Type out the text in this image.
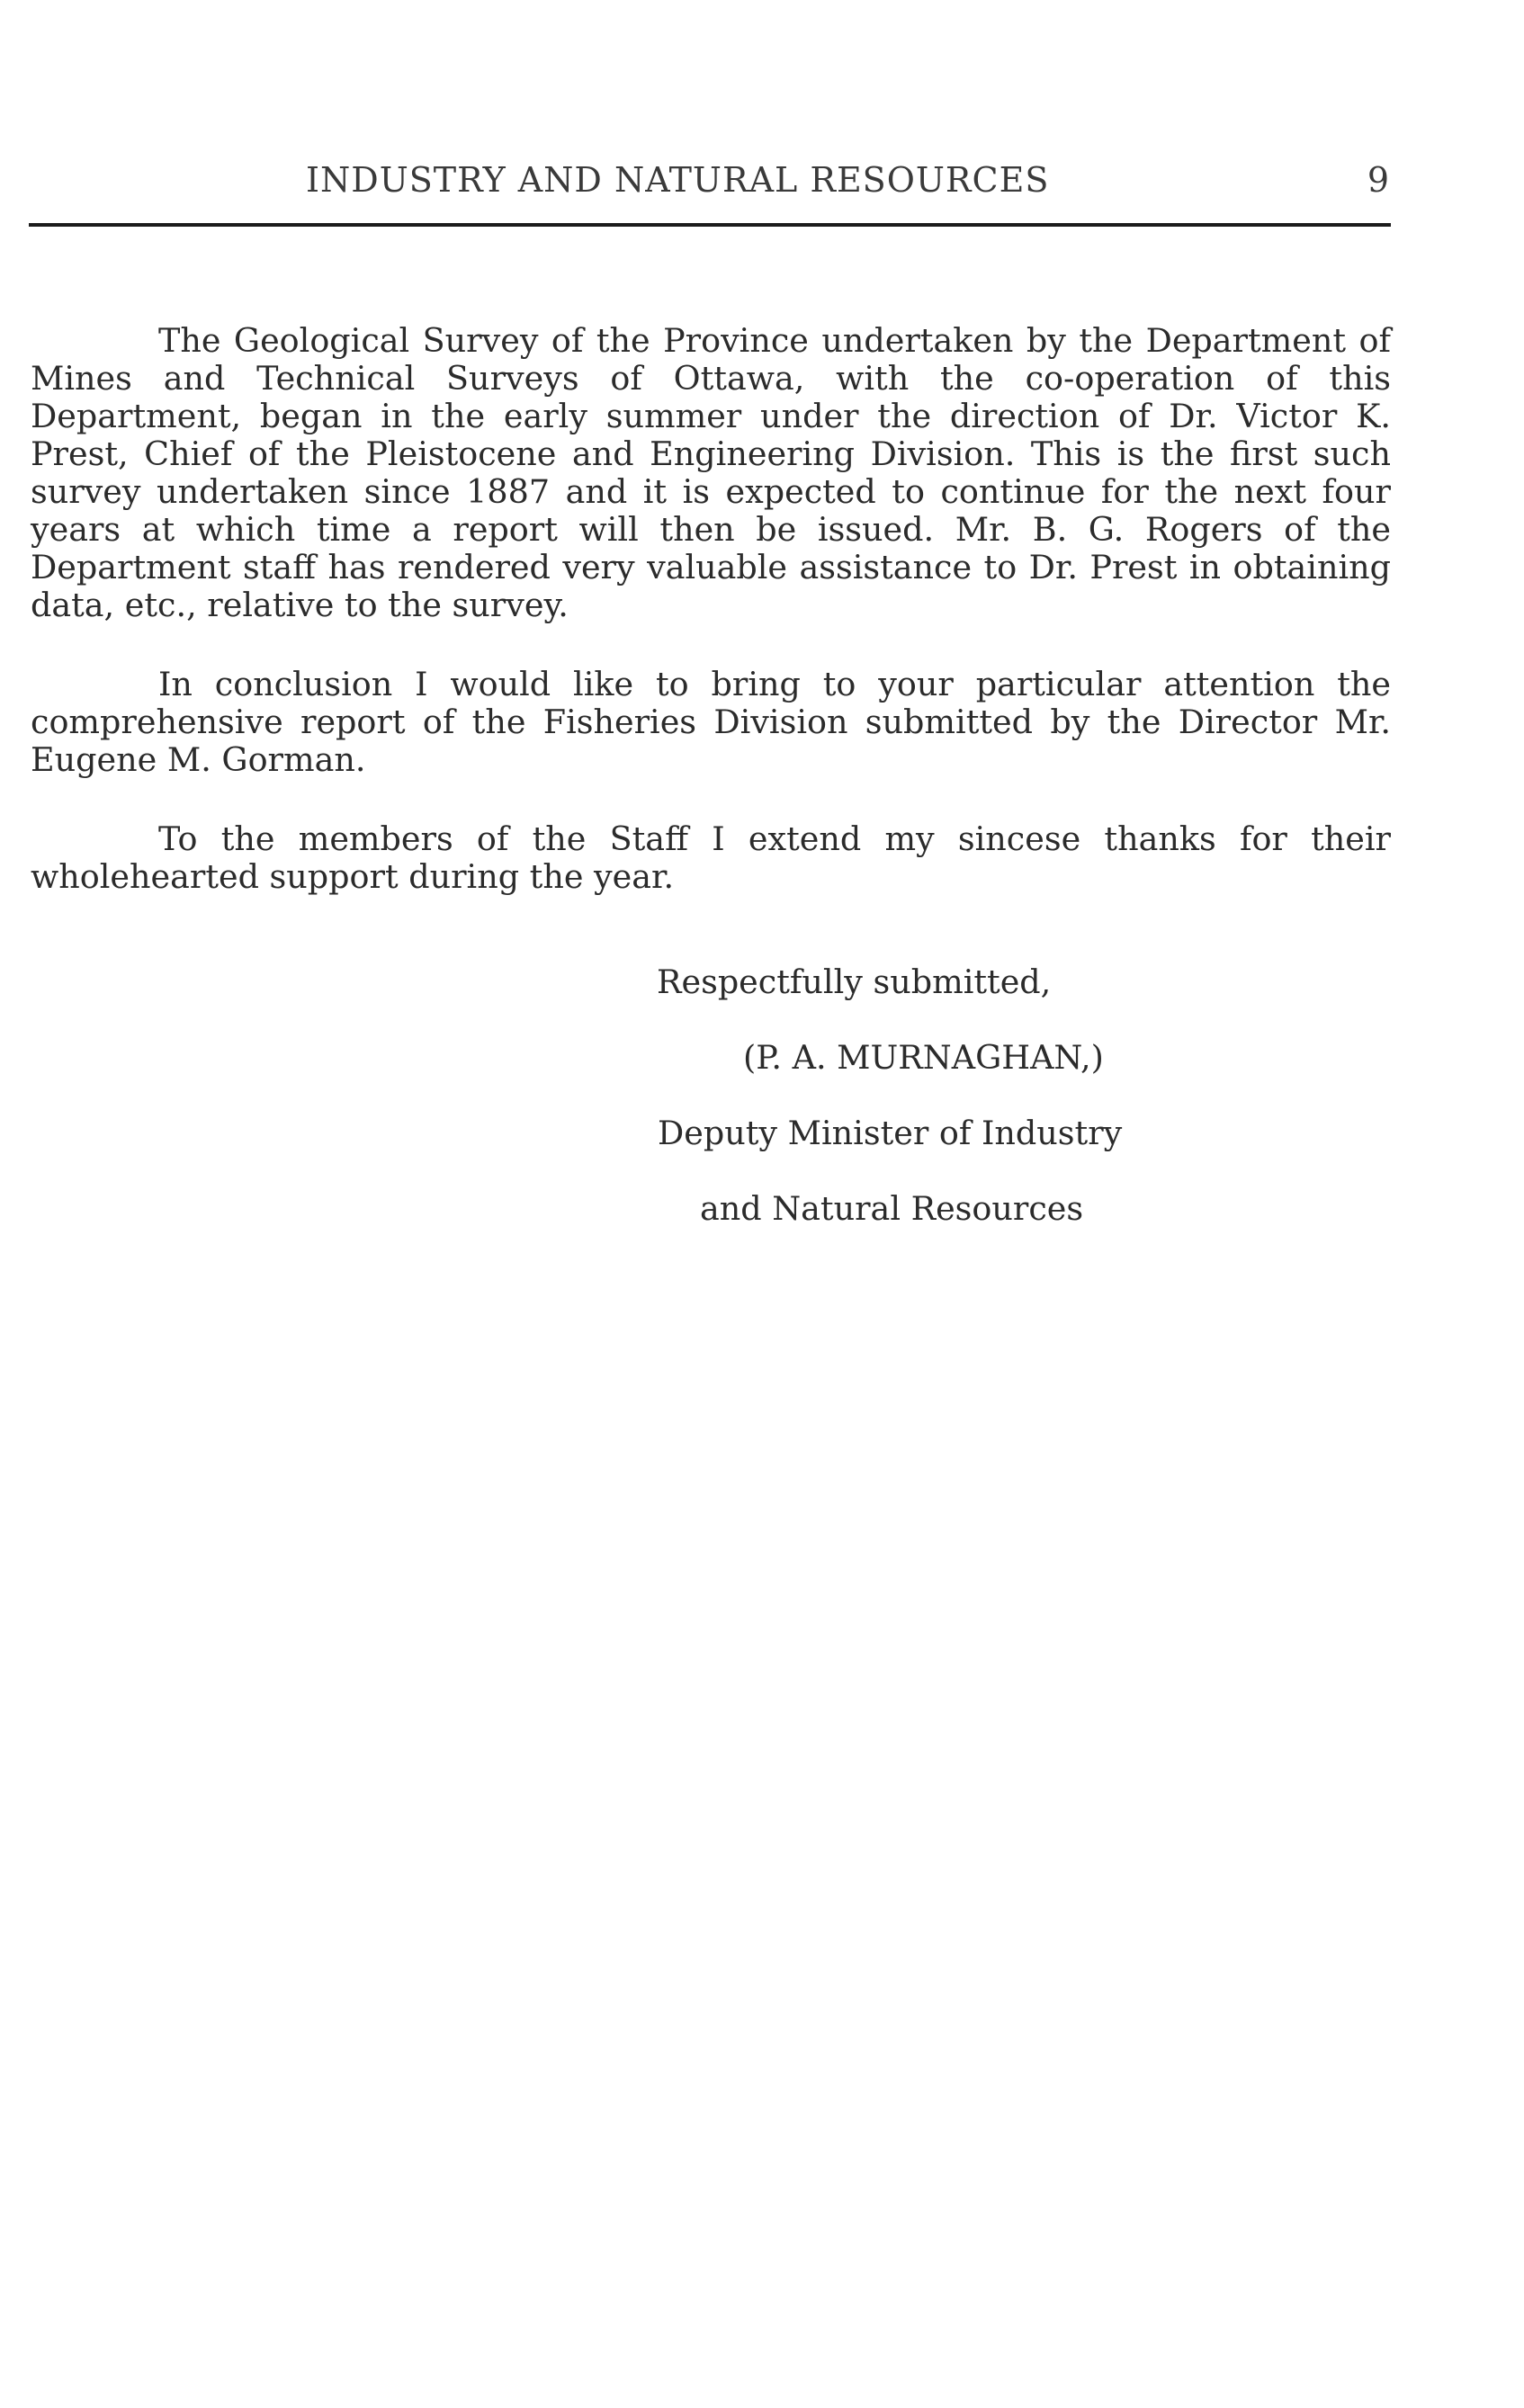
INDUSTRY AND NATURAL RESOURCES	9

The Geological Survey of the Province undertaken by the Department of Mines and Technical Surveys of Ottawa, with the co-operation of this Department, began in the early summer under the direction of Dr. Victor K. Prest, Chief of the Pleistocene and Engineering Division. This is the first such survey undertaken since 1887 and it is expected to continue for the next four years at which time a report will then be issued. Mr. B. G. Rogers of the Department staff has rendered very valuable assistance to Dr. Prest in obtaining data, etc., relative to the survey.

In conclusion I would like to bring to your particular attention the comprehensive report of the Fisheries Division submitted by the Director Mr. Eugene M. Gorman.

To the members of the Staff I extend my sincese thanks for their wholehearted support during the year.

Respectfully submitted,
(P. A. MURNAGHAN,)
Deputy Minister of Industry
and Natural Resources
